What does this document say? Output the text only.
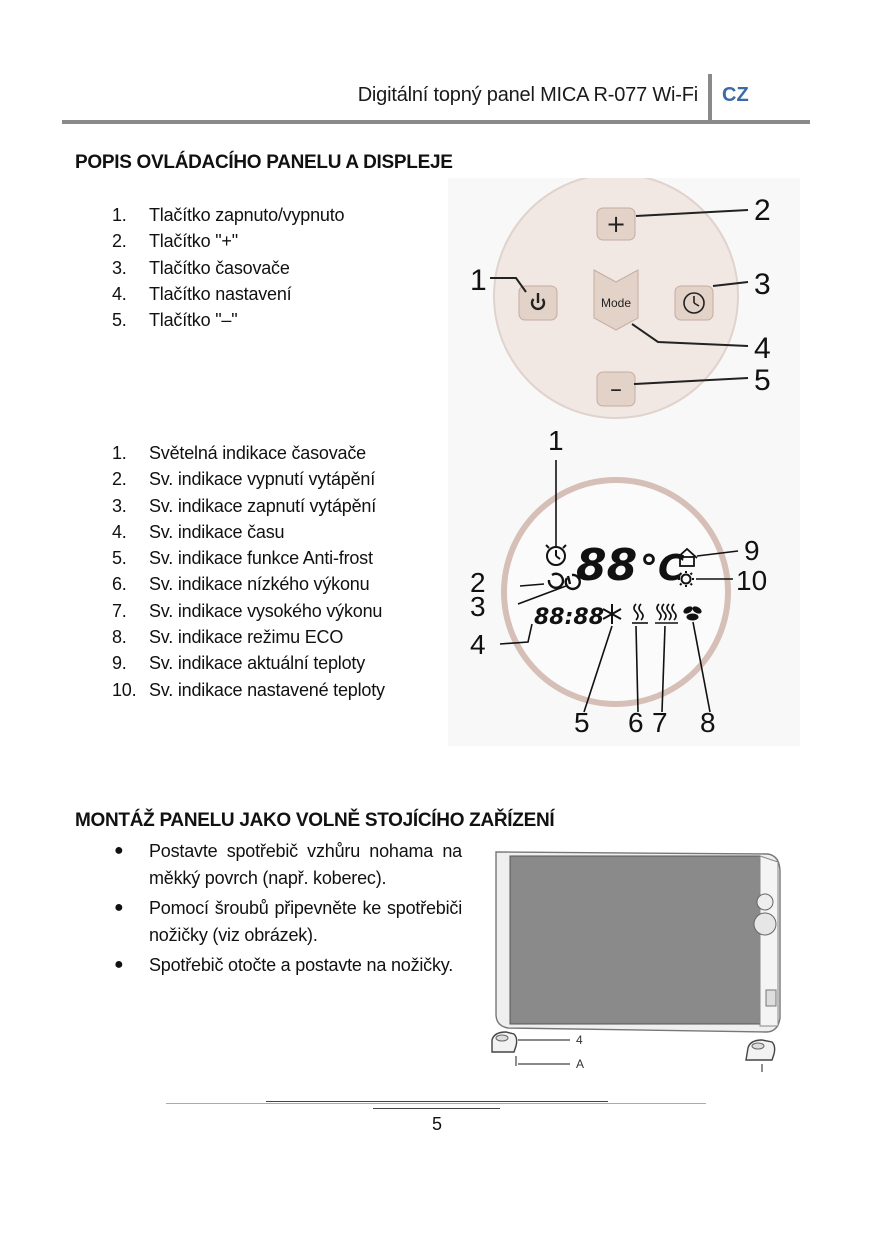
Digitální topný panel MICA R-077 Wi-Fi CZ
POPIS OVLÁDACÍHO PANELU A DISPLEJE
1. Tlačítko zapnuto/vypnuto
2. Tlačítko "+"
3. Tlačítko časovače
4. Tlačítko nastavení
5. Tlačítko "–"
+
Mode
–
1
2
3
4
5
1. Světelná indikace časovače
2. Sv. indikace vypnutí vytápění
3. Sv. indikace zapnutí vytápění
4. Sv. indikace času
5. Sv. indikace funkce Anti-frost
6. Sv. indikace nízkého výkonu
7. Sv. indikace vysokého výkonu
8. Sv. indikace režimu ECO
9. Sv. indikace aktuální teploty
10. Sv. indikace nastavené teploty
88 °C
88:88
1
2
3
4
5 6 7 8
9
10
MONTÁŽ PANELU JAKO VOLNĚ STOJÍCÍHO ZAŘÍZENÍ
● Postavte spotřebič vzhůru nohama na měkký povrch (např. koberec).
● Pomocí šroubů připevněte ke spotřebiči nožičky (viz obrázek).
● Spotřebič otočte a postavte na nožičky.
4
A
5
